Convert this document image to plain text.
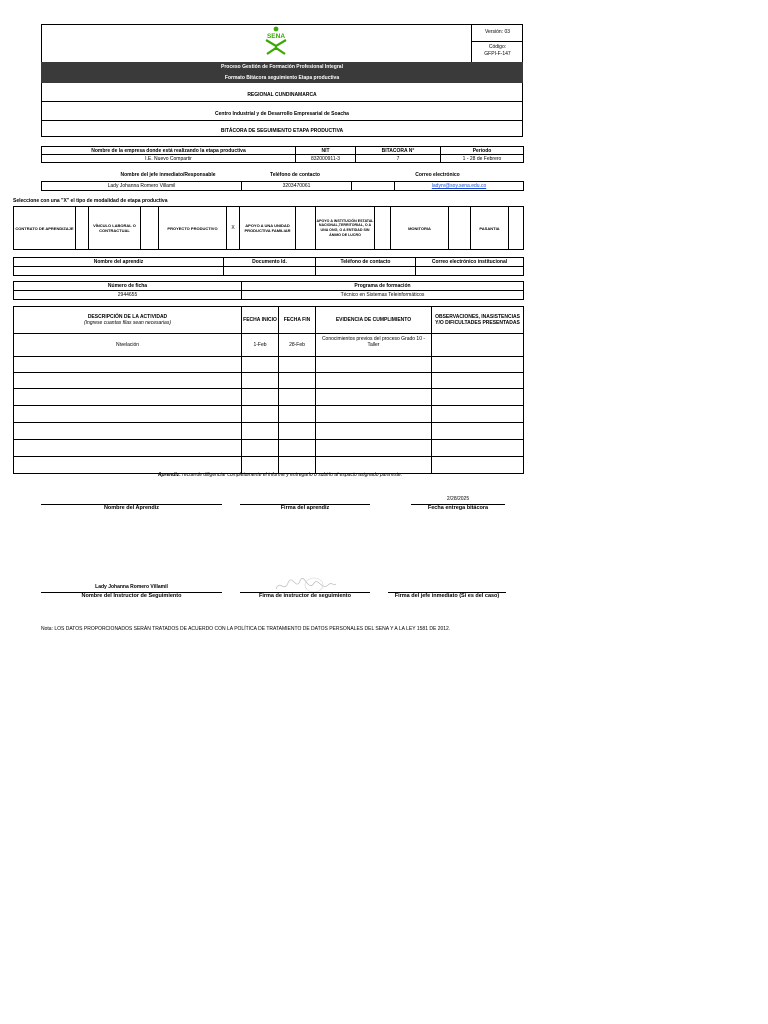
SENA
Versión: 03
Código:
GFPI-F-147
Proceso Gestión de Formación Profesional Integral
Formato Bitácora seguimiento Etapa productiva
REGIONAL CUNDINAMARCA
Centro Industrial y de Desarrollo Empresarial de Soacha
BITÁCORA DE SEGUIMIENTO ETAPA PRODUCTIVA
Nombre de la empresa donde está realizando la etapa productiva	NIT	BITACORA N°	Periodo
I.E. Nuevo Compartir	832000911-3	7	1 - 28 de Febrero
Nombre del jefe inmediato/Responsable	Teléfono de contacto	Correo electrónico
Lady Johanna Romero Villamil	3203470061		ladyrv@soy.sena.edu.co
Seleccione con una "X" el tipo de modalidad de etapa productiva
CONTRATO DE APRENDIZAJE		VÍNCULO LABORAL O CONTRACTUAL		PROYECTO PRODUCTIVO	X	APOYO A UNA UNIDAD PRODUCTIVA FAMILIAR		APOYO A INSTITUCIÓN ESTATAL NACIONAL,TERRITORIAL, O A UNA ONG, O A ENTIDAD SIN ÁNIMO DE LUCRO		MONITORIA		PASANTIA	
Nombre del aprendiz	Documento Id.	Teléfono de contacto	Correo electrónico institucional

Número de ficha	Programa de formación
2944655	Técnico en Sistemas Teleinformáticos
DESCRIPCIÓN DE LA ACTIVIDAD
(Ingrese cuantas filas sean necesarias)	FECHA INICIO	FECHA FIN	EVIDENCIA DE CUMPLIMIENTO	OBSERVACIONES, INASISTENCIAS Y/O DIFICULTADES PRESENTADAS
Nivelación	1-Feb	28-Feb	Conocimientos previos del proceso Grado 10 - Taller	

Aprendiz: recuerde diligenciar completamente el informe y entregarlo o subirlo al espacio asignado para este.
2/28/2025
Nombre del Aprendiz	Firma del aprendiz	Fecha entrega bitácora
Lady Johanna Romero Villamil
Nombre del Instructor de Seguimiento	Firma de instructor de seguimiento	Firma del jefe inmediato (Si es del caso)
Nota: LOS DATOS PROPORCIONADOS SERÁN TRATADOS DE ACUERDO CON LA POLÍTICA DE TRATAMIENTO DE DATOS PERSONALES DEL SENA Y A LA LEY 1581 DE 2012.
